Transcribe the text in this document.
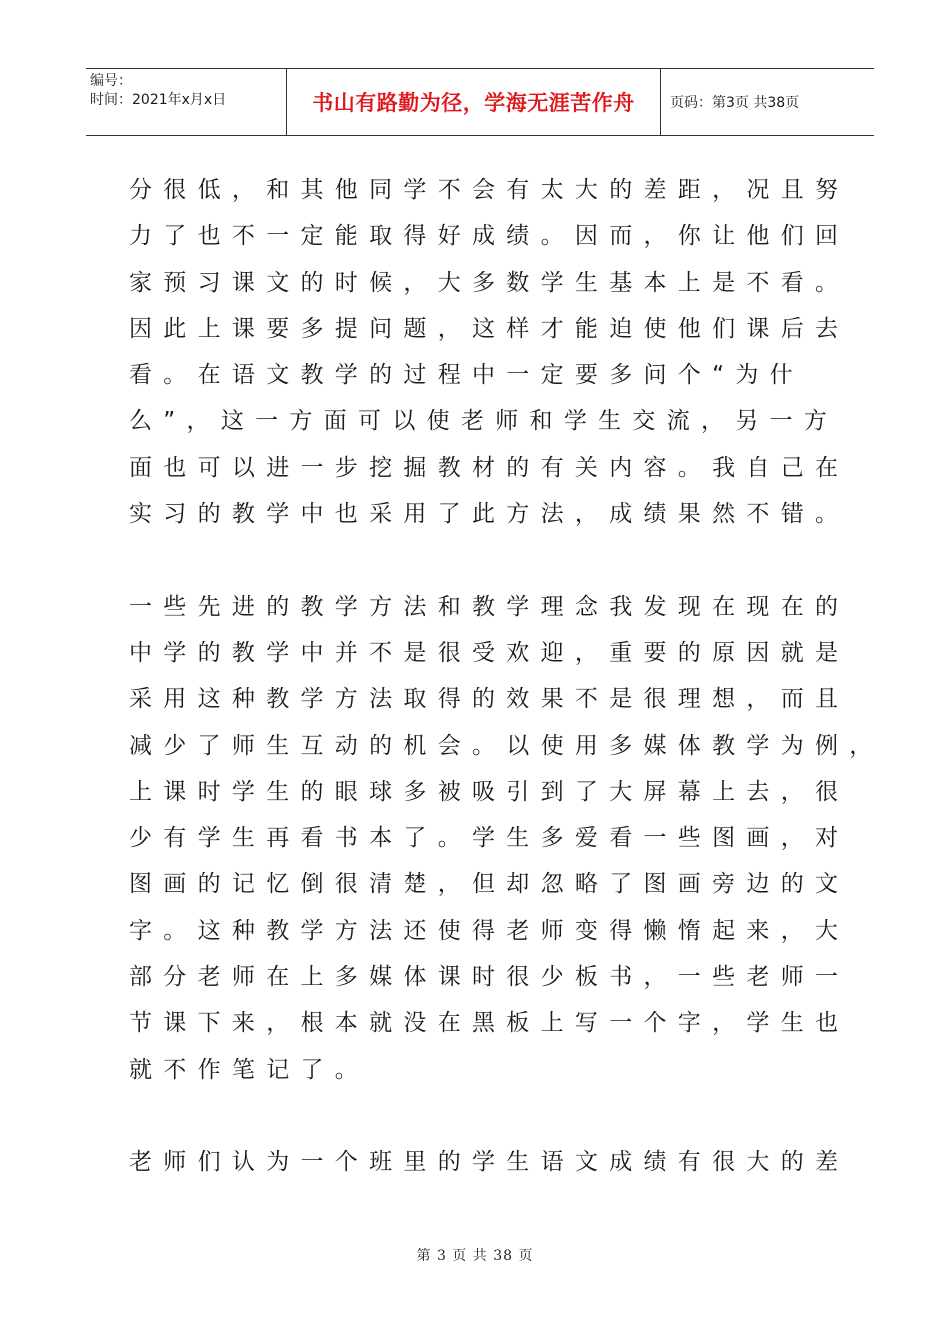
编号：
时间：2021年x月x日	书山有路勤为径，学海无涯苦作舟	页码：第3页 共38页
分很低，和其他同学不会有太大的差距，况且努
力了也不一定能取得好成绩。因而，你让他们回
家预习课文的时候，大多数学生基本上是不看。
因此上课要多提问题，这样才能迫使他们课后去
看。在语文教学的过程中一定要多问个“为什
么”，这一方面可以使老师和学生交流，另一方
面也可以进一步挖掘教材的有关内容。我自己在
实习的教学中也采用了此方法，成绩果然不错。
一些先进的教学方法和教学理念我发现在现在的
中学的教学中并不是很受欢迎，重要的原因就是
采用这种教学方法取得的效果不是很理想，而且
减少了师生互动的机会。以使用多媒体教学为例，
上课时学生的眼球多被吸引到了大屏幕上去，很
少有学生再看书本了。学生多爱看一些图画，对
图画的记忆倒很清楚，但却忽略了图画旁边的文
字。这种教学方法还使得老师变得懒惰起来，大
部分老师在上多媒体课时很少板书，一些老师一
节课下来，根本就没在黑板上写一个字，学生也
就不作笔记了。
老师们认为一个班里的学生语文成绩有很大的差
第 3 页 共 38 页
